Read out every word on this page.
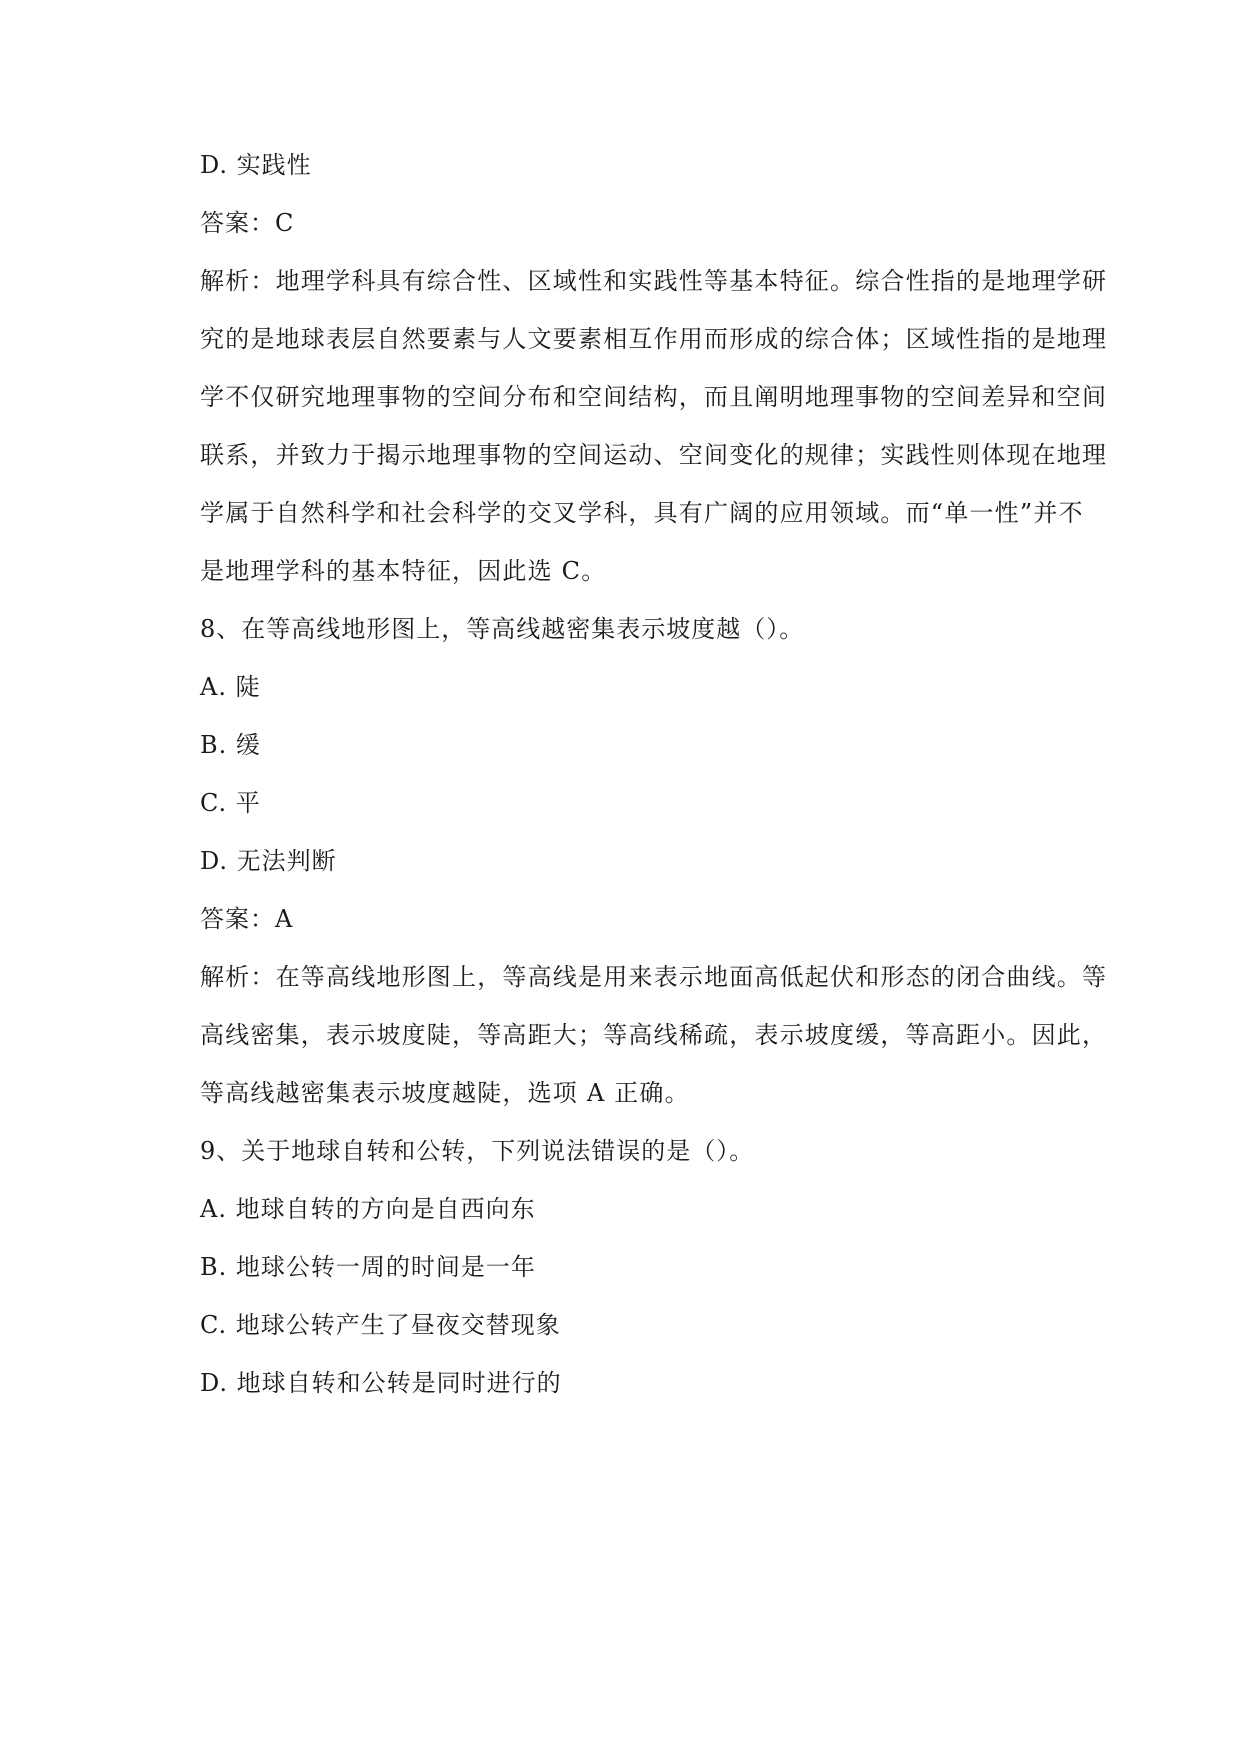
D. 实践性
答案：C
解析：地理学科具有综合性、区域性和实践性等基本特征。综合性指的是地理学研
究的是地球表层自然要素与人文要素相互作用而形成的综合体；区域性指的是地理
学不仅研究地理事物的空间分布和空间结构，而且阐明地理事物的空间差异和空间
联系，并致力于揭示地理事物的空间运动、空间变化的规律；实践性则体现在地理
学属于自然科学和社会科学的交叉学科，具有广阔的应用领域。而“单一性”并不
是地理学科的基本特征，因此选 C。
8、在等高线地形图上，等高线越密集表示坡度越（）。
A. 陡
B. 缓
C. 平
D. 无法判断
答案：A
解析：在等高线地形图上，等高线是用来表示地面高低起伏和形态的闭合曲线。等
高线密集，表示坡度陡，等高距大；等高线稀疏，表示坡度缓，等高距小。因此，
等高线越密集表示坡度越陡，选项 A 正确。
9、关于地球自转和公转，下列说法错误的是（）。
A. 地球自转的方向是自西向东
B. 地球公转一周的时间是一年
C. 地球公转产生了昼夜交替现象
D. 地球自转和公转是同时进行的
